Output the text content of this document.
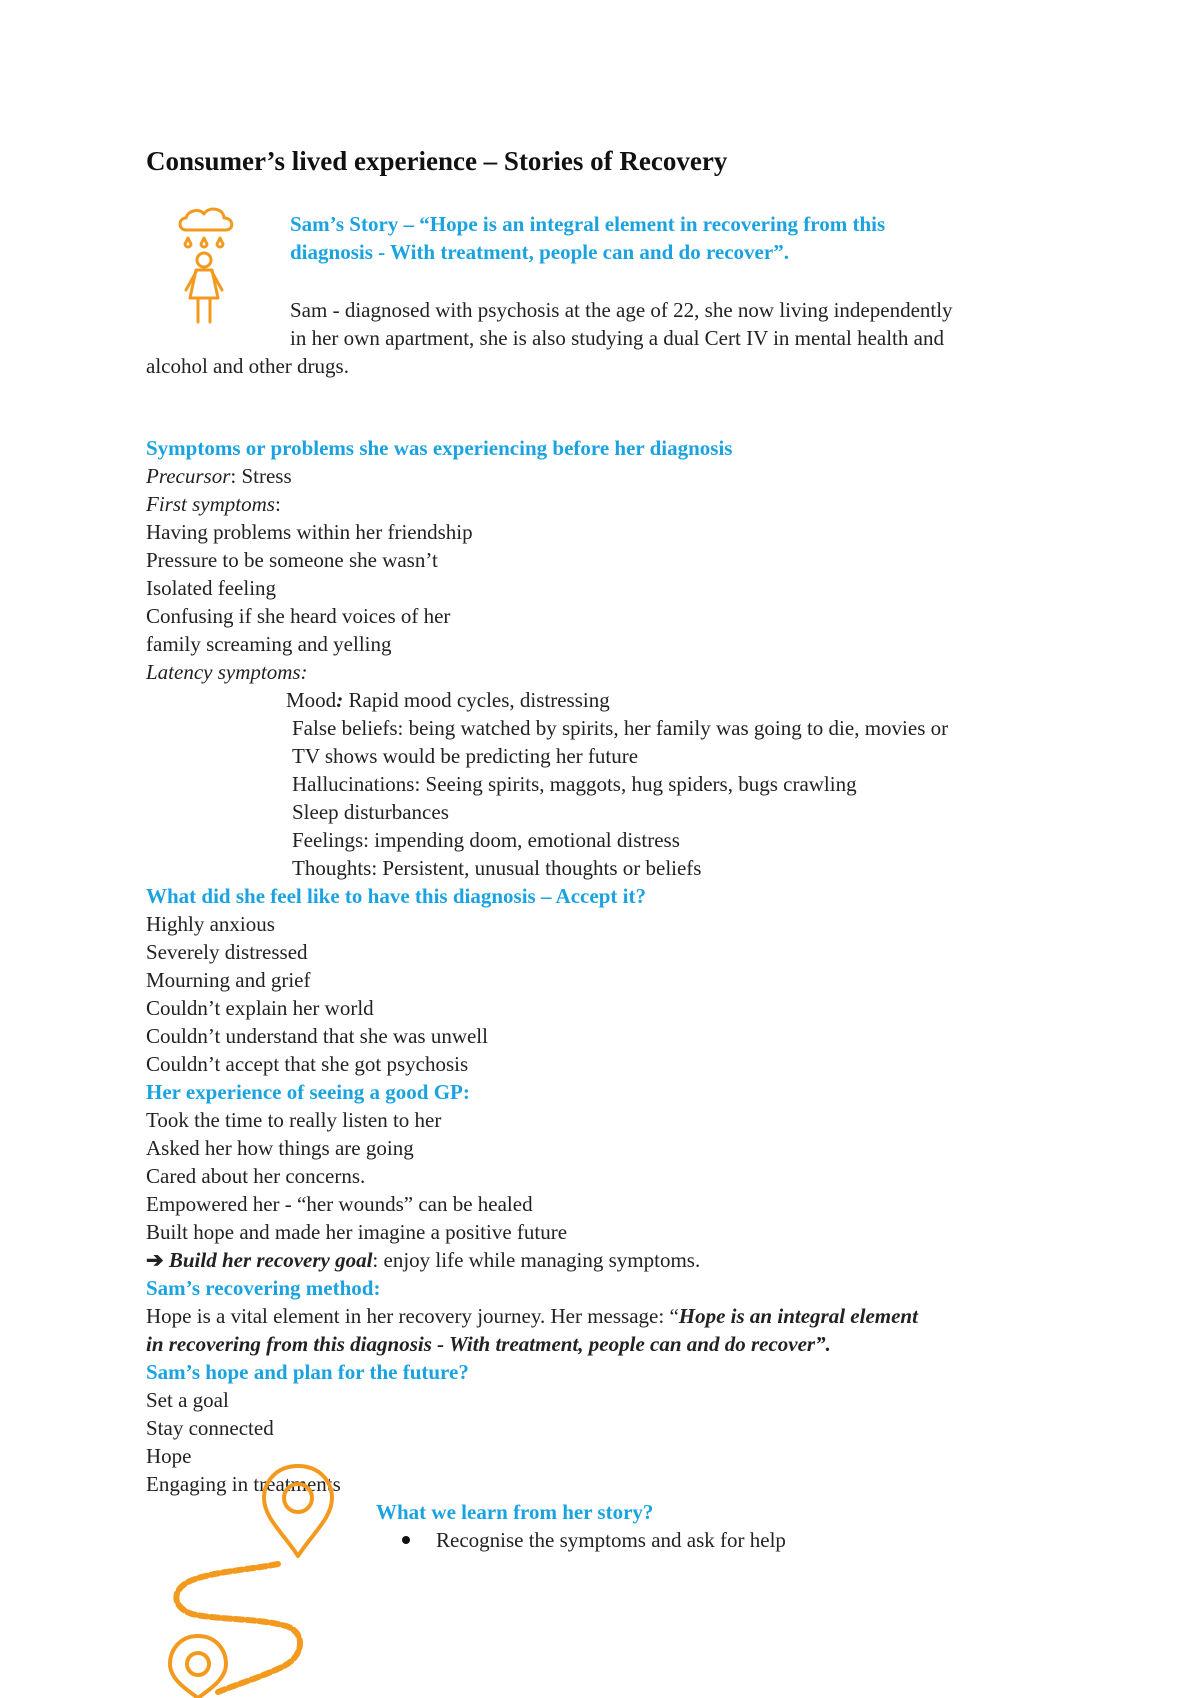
Consumer’s lived experience – Stories of Recovery
Sam’s Story – “Hope is an integral element in recovering from this
diagnosis - With treatment, people can and do recover”.
Sam - diagnosed with psychosis at the age of 22, she now living independently
in her own apartment, she is also studying a dual Cert IV in mental health and
alcohol and other drugs.
Symptoms or problems she was experiencing before her diagnosis
Precursor: Stress
First symptoms:
Having problems within her friendship
Pressure to be someone she wasn’t
Isolated feeling
Confusing if she heard voices of her
family screaming and yelling
Latency symptoms:
Mood: Rapid mood cycles, distressing
False beliefs: being watched by spirits, her family was going to die, movies or
TV shows would be predicting her future
Hallucinations: Seeing spirits, maggots, hug spiders, bugs crawling
Sleep disturbances
Feelings: impending doom, emotional distress
Thoughts: Persistent, unusual thoughts or beliefs
What did she feel like to have this diagnosis – Accept it?
Highly anxious
Severely distressed
Mourning and grief
Couldn’t explain her world
Couldn’t understand that she was unwell
Couldn’t accept that she got psychosis
Her experience of seeing a good GP:
Took the time to really listen to her
Asked her how things are going
Cared about her concerns.
Empowered her - “her wounds” can be healed
Built hope and made her imagine a positive future
➔ Build her recovery goal: enjoy life while managing symptoms.
Sam’s recovering method:
Hope is a vital element in her recovery journey. Her message: “Hope is an integral element
in recovering from this diagnosis - With treatment, people can and do recover”.
Sam’s hope and plan for the future?
Set a goal
Stay connected
Hope
Engaging in treatments
What we learn from her story?
Recognise the symptoms and ask for help
